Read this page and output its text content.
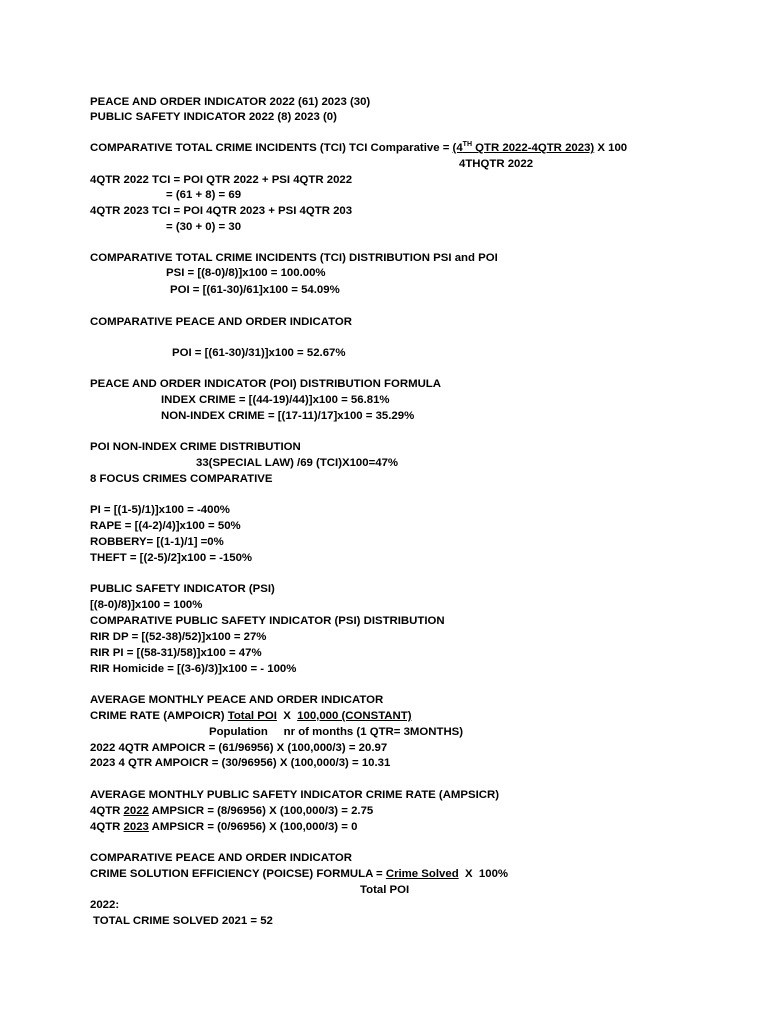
PEACE AND ORDER INDICATOR 2022 (61) 2023 (30)
PUBLIC SAFETY INDICATOR 2022 (8) 2023 (0)
COMPARATIVE TOTAL CRIME INCIDENTS (TCI) TCI Comparative = (4TH QTR 2022-4QTR 2023) X 100
4THQTR 2022
4QTR 2022 TCI = POI QTR 2022 + PSI 4QTR 2022
= (61 + 8) = 69
4QTR 2023 TCI = POI 4QTR 2023 + PSI 4QTR 203
= (30 + 0) = 30
COMPARATIVE TOTAL CRIME INCIDENTS (TCI) DISTRIBUTION PSI and POI
PSI = [(8-0)/8)]x100 = 100.00%
POI = [(61-30)/61]x100 = 54.09%
COMPARATIVE PEACE AND ORDER INDICATOR
POI = [(61-30)/31)]x100 = 52.67%
PEACE AND ORDER INDICATOR (POI) DISTRIBUTION FORMULA
INDEX CRIME = [(44-19)/44)]x100 = 56.81%
NON-INDEX CRIME = [(17-11)/17]x100 = 35.29%
POI NON-INDEX CRIME DISTRIBUTION
33(SPECIAL LAW) /69 (TCI)X100=47%
8 FOCUS CRIMES COMPARATIVE
PI = [(1-5)/1)]x100 = -400%
RAPE = [(4-2)/4)]x100 = 50%
ROBBERY= [(1-1)/1] =0%
THEFT = [(2-5)/2]x100 = -150%
PUBLIC SAFETY INDICATOR (PSI)
[(8-0)/8)]x100 = 100%
COMPARATIVE PUBLIC SAFETY INDICATOR (PSI) DISTRIBUTION
RIR DP = [(52-38)/52)]x100 = 27%
RIR PI = [(58-31)/58)]x100 = 47%
RIR Homicide = [(3-6)/3)]x100 = - 100%
AVERAGE MONTHLY PEACE AND ORDER INDICATOR
CRIME RATE (AMPOICR) Total POI  X  100,000 (CONSTANT)
Population     nr of months (1 QTR= 3MONTHS)
2022 4QTR AMPOICR = (61/96956) X (100,000/3) = 20.97
2023 4 QTR AMPOICR = (30/96956) X (100,000/3) = 10.31
AVERAGE MONTHLY PUBLIC SAFETY INDICATOR CRIME RATE (AMPSICR)
4QTR 2022 AMPSICR = (8/96956) X (100,000/3) = 2.75
4QTR 2023 AMPSICR = (0/96956) X (100,000/3) = 0
COMPARATIVE PEACE AND ORDER INDICATOR
CRIME SOLUTION EFFICIENCY (POICSE) FORMULA = Crime Solved  X  100%
Total POI
2022:
TOTAL CRIME SOLVED 2021 = 52
